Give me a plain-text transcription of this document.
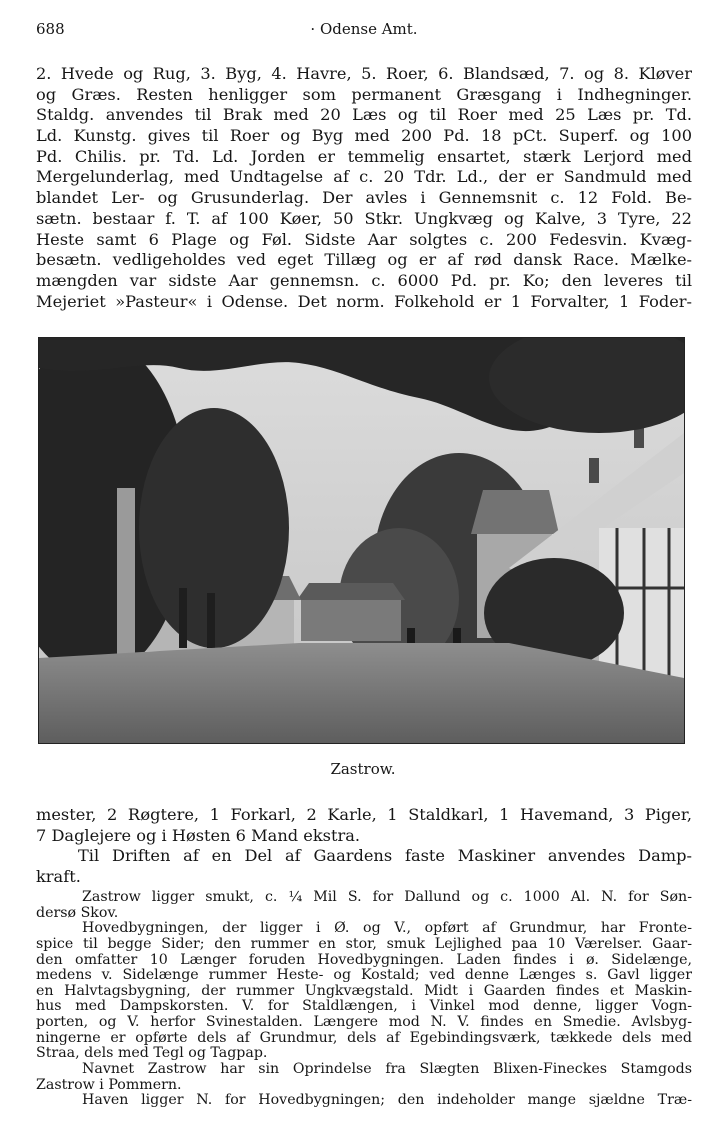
688	· Odense Amt.
2. Hvede og Rug, 3. Byg, 4. Havre, 5. Roer, 6. Blandsæd, 7. og 8. Kløver
og Græs. Resten henligger som permanent Græsgang i Indhegninger.
Staldg. anvendes til Brak med 20 Læs og til Roer med 25 Læs pr. Td.
Ld. Kunstg. gives til Roer og Byg med 200 Pd. 18 pCt. Superf. og 100
Pd. Chilis. pr. Td. Ld. Jorden er temmelig ensartet, stærk Lerjord med
Mergelunderlag, med Undtagelse af c. 20 Tdr. Ld., der er Sandmuld med
blandet Ler- og Grusunderlag. Der avles i Gennemsnit c. 12 Fold. Be-
sætn. bestaar f. T. af 100 Køer, 50 Stkr. Ungkvæg og Kalve, 3 Tyre, 22
Heste samt 6 Plage og Føl. Sidste Aar solgtes c. 200 Fedesvin. Kvæg-
besætn. vedligeholdes ved eget Tillæg og er af rød dansk Race. Mælke-
mængden var sidste Aar gennemsn. c. 6000 Pd. pr. Ko; den leveres til
Mejeriet »Pasteur« i Odense. Det norm. Folkehold er 1 Forvalter, 1 Foder-
Zastrow.
mester, 2 Røgtere, 1 Forkarl, 2 Karle, 1 Staldkarl, 1 Havemand, 3 Piger,
7 Daglejere og i Høsten 6 Mand ekstra.
Til Driften af en Del af Gaardens faste Maskiner anvendes Damp-
kraft.
Zastrow ligger smukt, c. ¼ Mil S. for Dallund og c. 1000 Al. N. for Søn-
dersø Skov.
Hovedbygningen, der ligger i Ø. og V., opført af Grundmur, har Fronte-
spice til begge Sider; den rummer en stor, smuk Lejlighed paa 10 Værelser. Gaar-
den omfatter 10 Længer foruden Hovedbygningen. Laden findes i ø. Sidelænge,
medens v. Sidelænge rummer Heste- og Kostald; ved denne Længes s. Gavl ligger
en Halvtagsbygning, der rummer Ungkvægstald. Midt i Gaarden findes et Maskin-
hus med Dampskorsten. V. for Staldlængen, i Vinkel mod denne, ligger Vogn-
porten, og V. herfor Svinestalden. Længere mod N. V. findes en Smedie. Avlsbyg-
ningerne er opførte dels af Grundmur, dels af Egebindingsværk, tækkede dels med
Straa, dels med Tegl og Tagpap.
Navnet Zastrow har sin Oprindelse fra Slægten Blixen-Fineckes Stamgods
Zastrow i Pommern.
Haven ligger N. for Hovedbygningen; den indeholder mange sjældne Træ-
